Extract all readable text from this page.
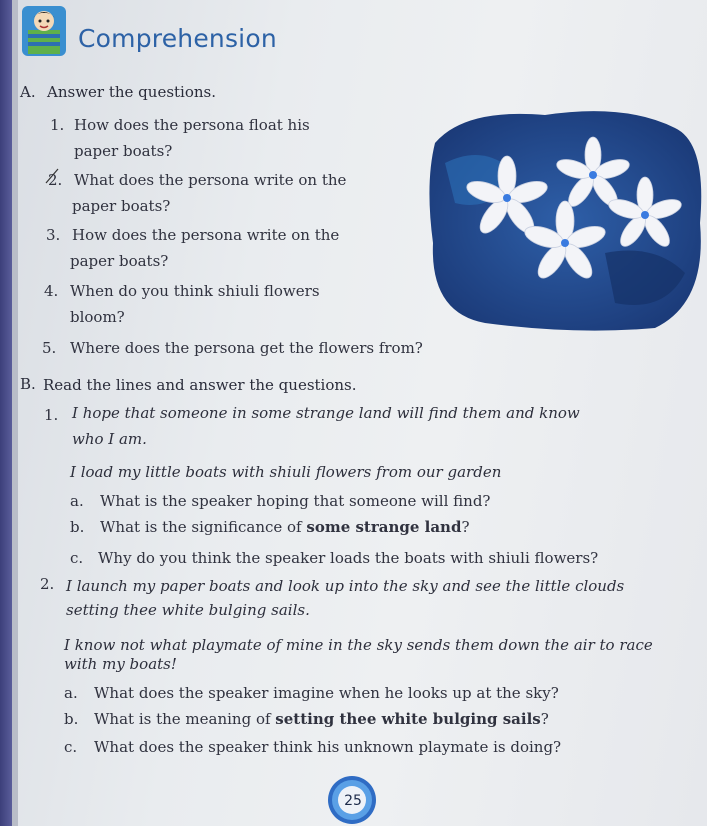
Comprehension
A. Answer the questions.
1. How does the persona float his
paper boats?
2. What does the persona write on the
paper boats?
3. How does the persona write on the
paper boats?
4. When do you think shiuli flowers
bloom?
5. Where does the persona get the flowers from?
B. Read the lines and answer the questions.
1. I hope that someone in some strange land will find them and know
who I am.
I load my little boats with shiuli flowers from our garden
a. What is the speaker hoping that someone will find?
b. What is the significance of some strange land?
c. Why do you think the speaker loads the boats with shiuli flowers?
2. I launch my paper boats and look up into the sky and see the little clouds
setting thee white bulging sails.
I know not what playmate of mine in the sky sends them down the air to race
with my boats!
a. What does the speaker imagine when he looks up at the sky?
b. What is the meaning of setting thee white bulging sails?
c. What does the speaker think his unknown playmate is doing?
25
